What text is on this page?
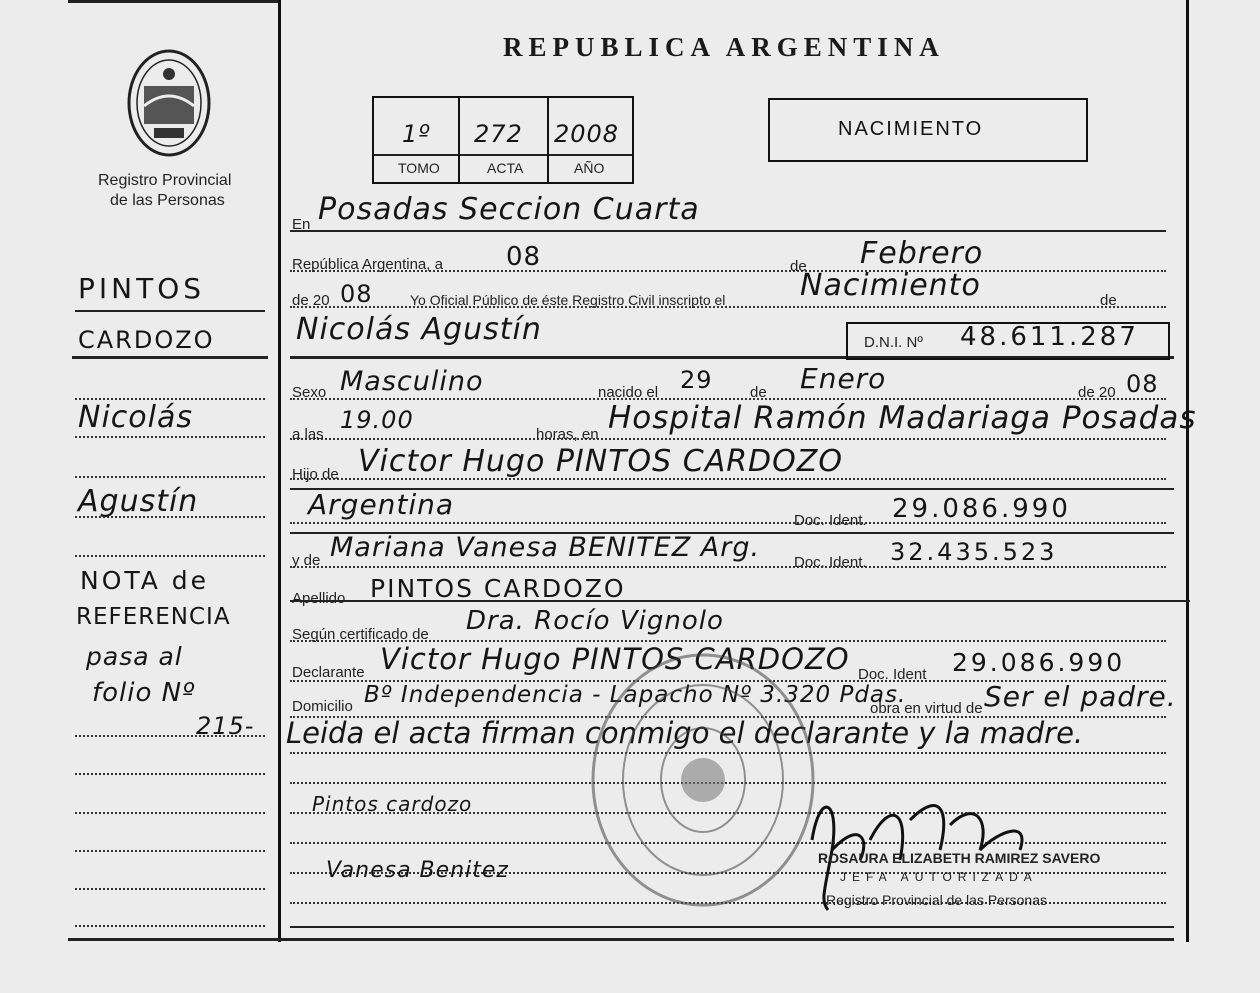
Registro Provincial
de las Personas
PINTOS
CARDOZO
Nicolás
Agustín
NOTA de
REFERENCIA
pasa al
folio Nº
215-
REPUBLICA ARGENTINA
1º 272 2008
TOMO	ACTA	AÑO
NACIMIENTO
En Posadas Seccion Cuarta
República Argentina, a 08	de Febrero
de 20 08	Yo Oficial Público de éste Registro Civil inscripto el Nacimiento	de
Nicolás Agustín	D.N.I. Nº 48.611.287
Sexo Masculino	nacido el 29 de Enero	de 20 08
a las
19.00
horas, en Hospital Ramón Madariaga Posadas
Hijo de Victor Hugo PINTOS CARDOZO
Argentina	Doc. Ident. 29.086.990
y de Mariana Vanesa BENITEZ Arg. Doc. Ident. 32.435.523
Apellido PINTOS CARDOZO
Según certificado de Dra. Rocío Vignolo
Declarante Victor Hugo PINTOS CARDOZO Doc. Ident 29.086.990
Domicilio Bº Independencia - Lapacho Nº 3.320 Pdas.
obra en virtud de Ser el padre.
Leida el acta firman conmigo el declarante y la madre.
Pintos cardozo
Vanesa Benitez	ROSAURA ELIZABETH RAMIREZ SAVERO
JEFA AUTORIZADA
Registro Provincial de las Personas
